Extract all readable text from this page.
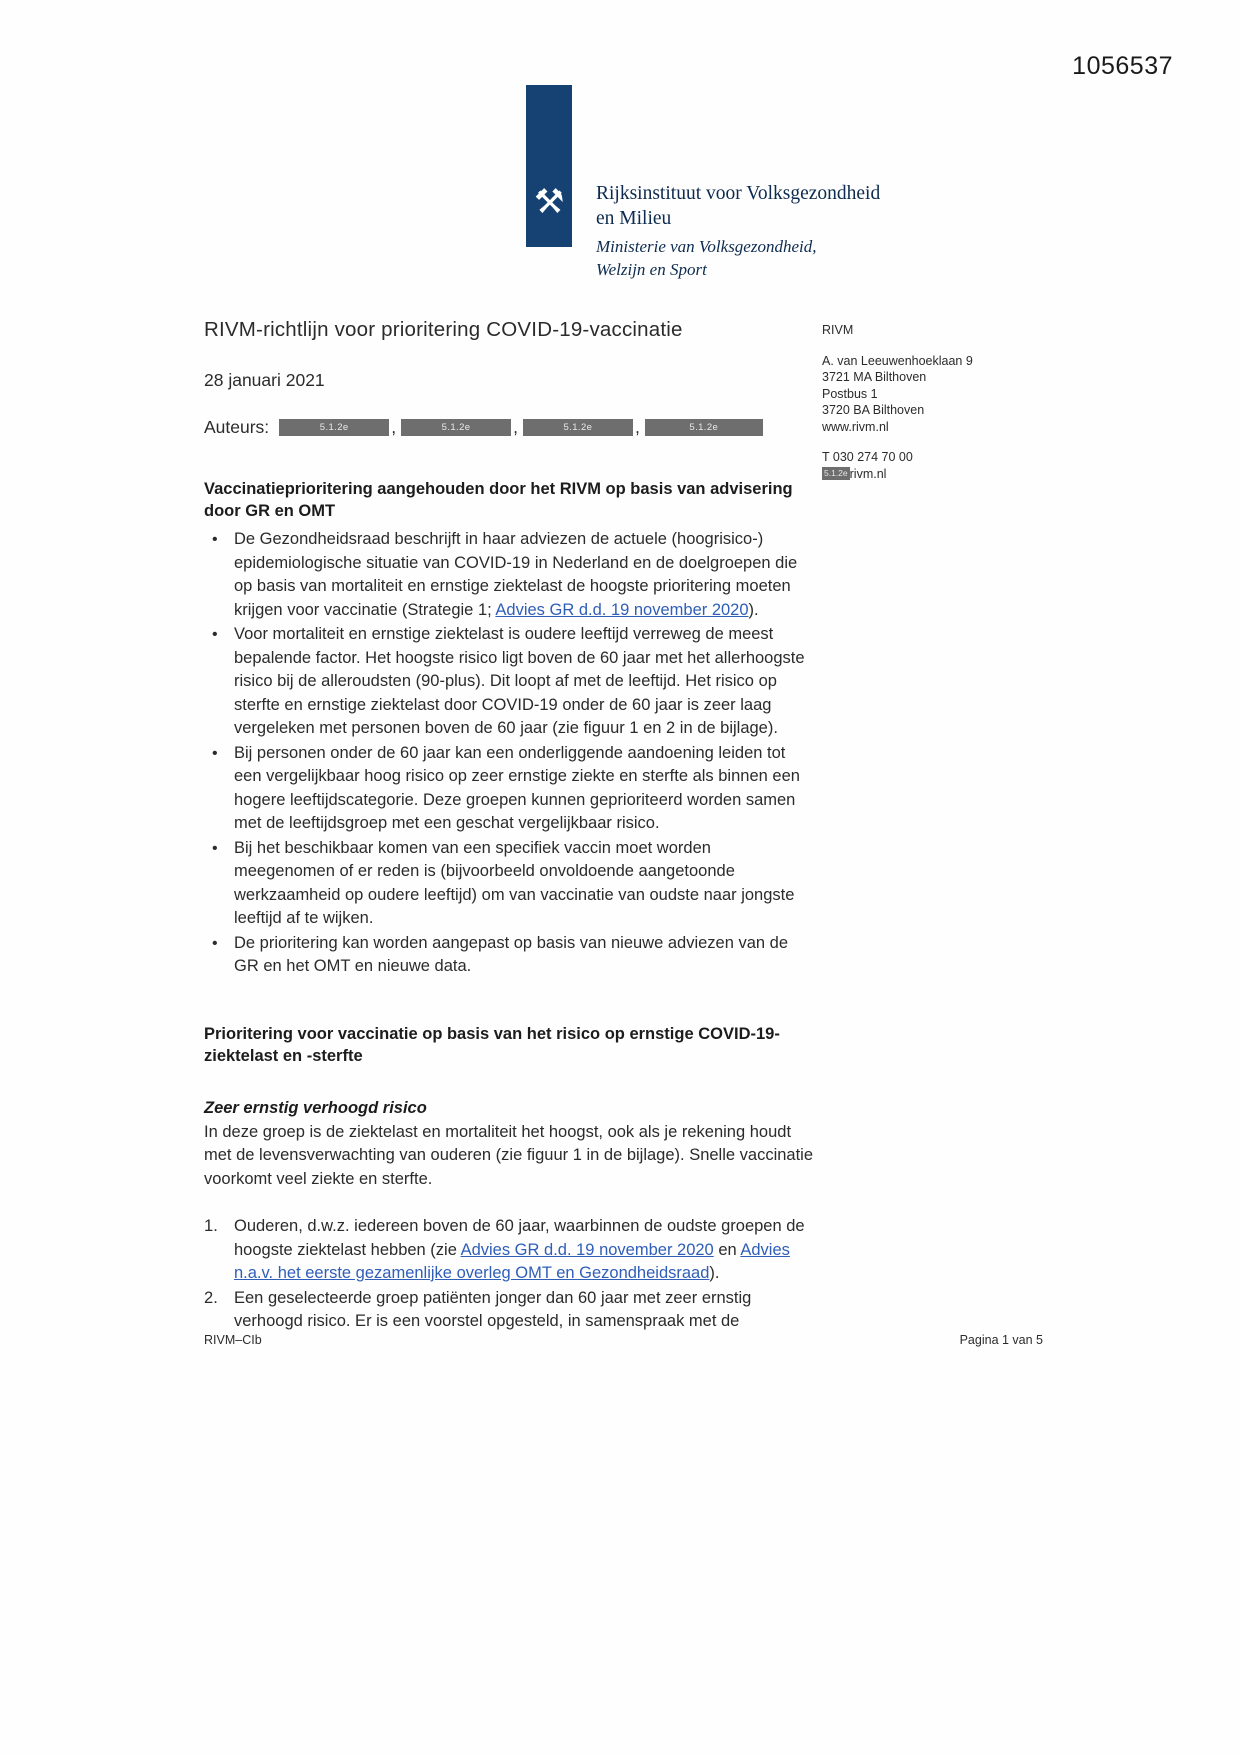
1056537
⚒ Rijksinstituut voor Volksgezondheid
en Milieu
Ministerie van Volksgezondheid,
Welzijn en Sport
RIVM
A. van Leeuwenhoeklaan 9
3721 MA Bilthoven
Postbus 1
3720 BA Bilthoven
www.rivm.nl
T 030 274 70 00
5.1.2e rivm.nl
RIVM-richtlijn voor prioritering COVID-19-vaccinatie
28 januari 2021
Auteurs:	5.1.2e	,	5.1.2e	,	5.1.2e	,	5.1.2e
Vaccinatieprioritering aangehouden door het RIVM op basis van advisering door GR en OMT
• De Gezondheidsraad beschrijft in haar adviezen de actuele (hoogrisico-) epidemiologische situatie van COVID-19 in Nederland en de doelgroepen die op basis van mortaliteit en ernstige ziektelast de hoogste prioritering moeten krijgen voor vaccinatie (Strategie 1; Advies GR d.d. 19 november 2020).
• Voor mortaliteit en ernstige ziektelast is oudere leeftijd verreweg de meest bepalende factor. Het hoogste risico ligt boven de 60 jaar met het allerhoogste risico bij de alleroudsten (90-plus). Dit loopt af met de leeftijd. Het risico op sterfte en ernstige ziektelast door COVID-19 onder de 60 jaar is zeer laag vergeleken met personen boven de 60 jaar (zie figuur 1 en 2 in de bijlage).
• Bij personen onder de 60 jaar kan een onderliggende aandoening leiden tot een vergelijkbaar hoog risico op zeer ernstige ziekte en sterfte als binnen een hogere leeftijdscategorie. Deze groepen kunnen geprioriteerd worden samen met de leeftijdsgroep met een geschat vergelijkbaar risico.
• Bij het beschikbaar komen van een specifiek vaccin moet worden meegenomen of er reden is (bijvoorbeeld onvoldoende aangetoonde werkzaamheid op oudere leeftijd) om van vaccinatie van oudste naar jongste leeftijd af te wijken.
• De prioritering kan worden aangepast op basis van nieuwe adviezen van de GR en het OMT en nieuwe data.
Prioritering voor vaccinatie op basis van het risico op ernstige COVID-19-ziektelast en -sterfte
Zeer ernstig verhoogd risico

In deze groep is de ziektelast en mortaliteit het hoogst, ook als je rekening houdt met de levensverwachting van ouderen (zie figuur 1 in de bijlage). Snelle vaccinatie voorkomt veel ziekte en sterfte.

Ouderen, d.w.z. iedereen boven de 60 jaar, waarbinnen de oudste groepen de hoogste ziektelast hebben (zie Advies GR d.d. 19 november 2020 en Advies n.a.v. het eerste gezamenlijke overleg OMT en Gezondheidsraad).
Een geselecteerde groep patiënten jonger dan 60 jaar met zeer ernstig verhoogd risico. Er is een voorstel opgesteld, in samenspraak met de
RIVM–CIb	Pagina 1 van 5
